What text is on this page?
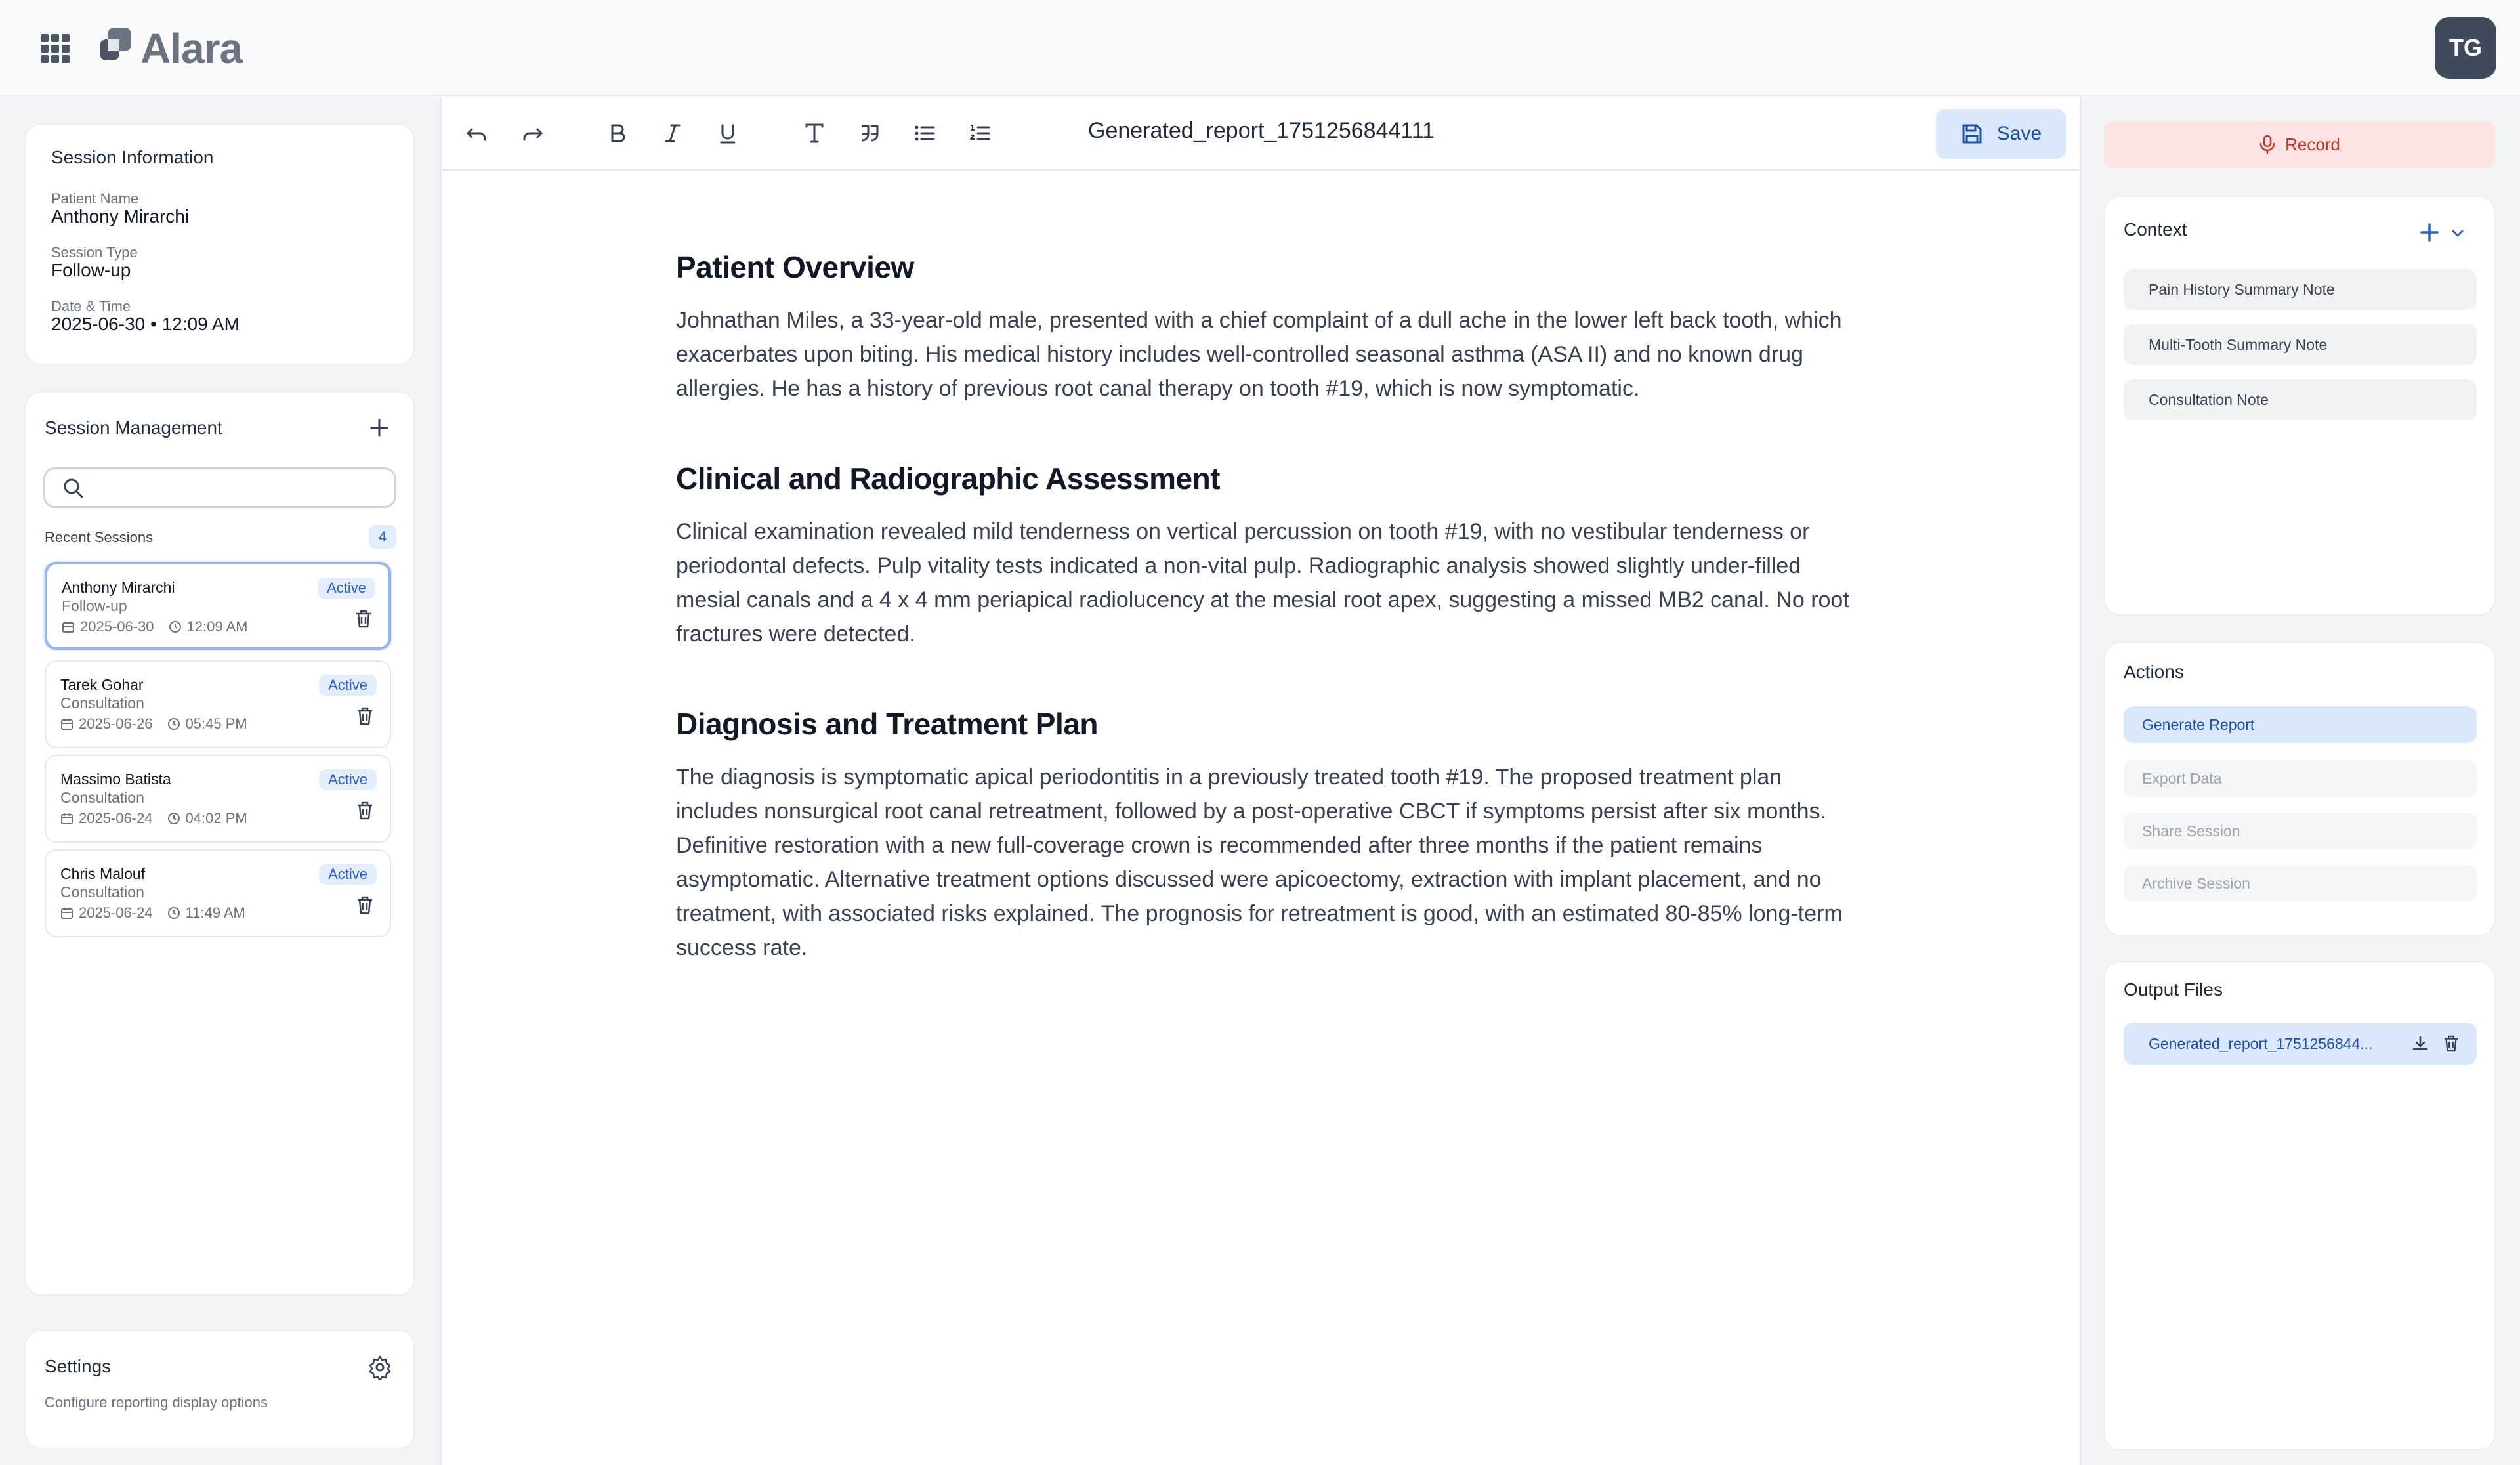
Alara	TG
Session Information
Patient Name
Anthony Mirarchi
Session Type
Follow-up
Date & Time
2025-06-30 • 12:09 AM
Session Management
Recent Sessions	4
Anthony Mirarchi
Follow-up
2025-06-30 12:09 AM
Active
Tarek Gohar
Consultation
2025-06-26 05:45 PM
Active
Massimo Batista
Consultation
2025-06-24 04:02 PM
Active
Chris Malouf
Consultation
2025-06-24 11:49 AM
Active
Settings
Configure reporting display options
Generated_report_1751256844111	Save
Patient Overview

Johnathan Miles, a 33-year-old male, presented with a chief complaint of a dull ache in the lower left back tooth, which exacerbates upon biting. His medical history includes well-controlled seasonal asthma (ASA II) and no known drug allergies. He has a history of previous root canal therapy on tooth #19, which is now symptomatic.

Clinical and Radiographic Assessment

Clinical examination revealed mild tenderness on vertical percussion on tooth #19, with no vestibular tenderness or periodontal defects. Pulp vitality tests indicated a non-vital pulp. Radiographic analysis showed slightly under-filled mesial canals and a 4 x 4 mm periapical radiolucency at the mesial root apex, suggesting a missed MB2 canal. No root fractures were detected.

Diagnosis and Treatment Plan

The diagnosis is symptomatic apical periodontitis in a previously treated tooth #19. The proposed treatment plan includes nonsurgical root canal retreatment, followed by a post-operative CBCT if symptoms persist after six months. Definitive restoration with a new full-coverage crown is recommended after three months if the patient remains asymptomatic. Alternative treatment options discussed were apicoectomy, extraction with implant placement, and no treatment, with associated risks explained. The prognosis for retreatment is good, with an estimated 80-85% long-term success rate.

Record
Context
Pain History Summary Note
Multi-Tooth Summary Note
Consultation Note
Actions
Generate Report
Export Data
Share Session
Archive Session
Output Files
Generated_report_1751256844...
